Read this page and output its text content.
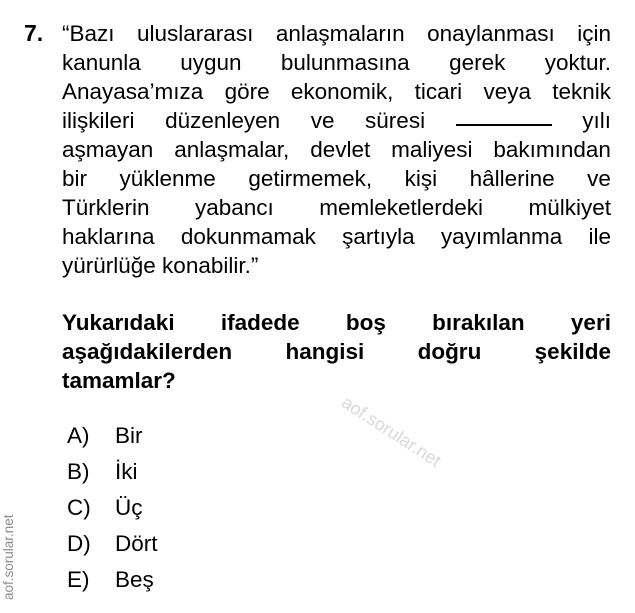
7. “Bazı uluslararası anlaşmaların onaylanması için
kanunla uygun bulunmasına gerek yoktur.
Anayasa’mıza göre ekonomik, ticari veya teknik
ilişkileri düzenleyen ve süresi	yılı
aşmayan anlaşmalar, devlet maliyesi bakımından
bir yüklenme getirmemek, kişi hâllerine ve
Türklerin yabancı memleketlerdeki mülkiyet
haklarına dokunmamak şartıyla yayımlanma ile
yürürlüğe konabilir.”
Yukarıdaki ifadede boş bırakılan yeri
aşağıdakilerden hangisi doğru şekilde
tamamlar?
A)	Bir
B)	İki
C)	Üç
D)	Dört
E)	Beş
aof.sorular.net
aof.sorular.net
